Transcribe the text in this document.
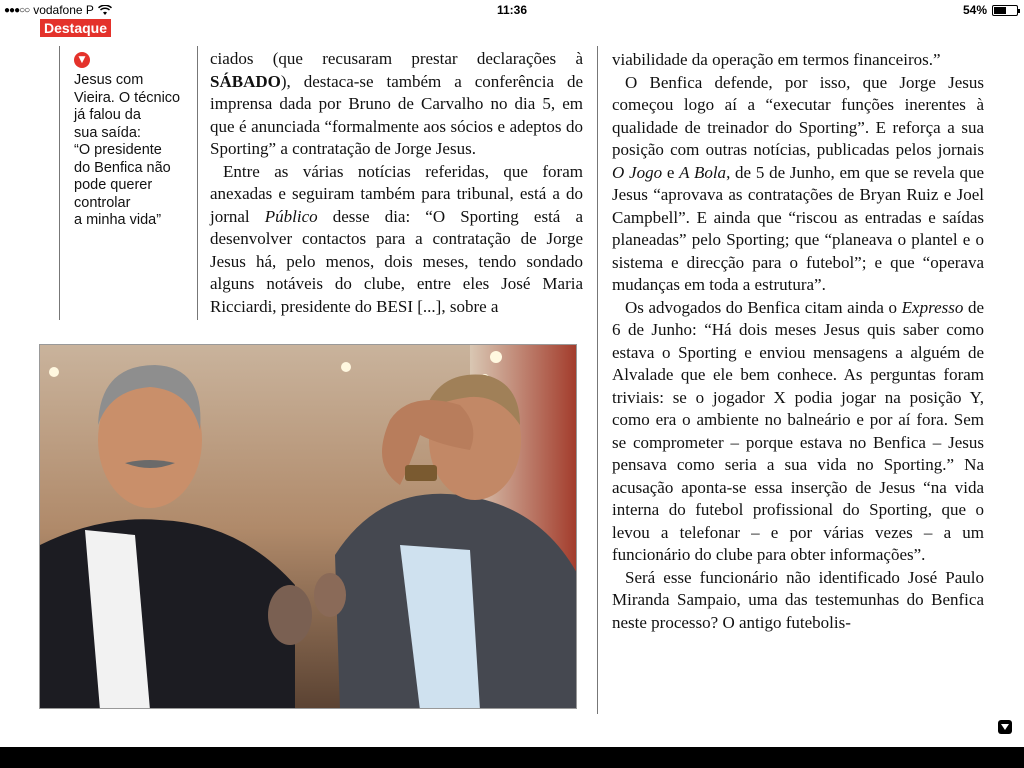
●●●○○ vodafone P	11:36	54%
Destaque
▼
Jesus com
Vieira. O técnico
já falou da
sua saída:
“O presidente
do Benfica não
pode querer
controlar
a minha vida”

ciados (que recusaram prestar declarações à SÁBADO), destaca-se também a conferência de imprensa dada por Bruno de Carvalho no dia 5, em que é anunciada “formalmente aos sócios e adeptos do Sporting” a contratação de Jorge Jesus.

Entre as várias notícias referidas, que foram anexadas e seguiram também para tribunal, está a do jornal Público desse dia: “O Sporting está a desenvolver contactos para a contratação de Jorge Jesus há, pelo menos, dois meses, tendo sondado alguns notáveis do clube, entre eles José Maria Ricciardi, presidente do BESI [...], sobre a

viabilidade da operação em termos financeiros.”

O Benfica defende, por isso, que Jorge Jesus começou logo aí a “executar funções inerentes à qualidade de treinador do Sporting”. E reforça a sua posição com outras notícias, publicadas pelos jornais O Jogo e A Bola, de 5 de Junho, em que se revela que Jesus “aprovava as contratações de Bryan Ruiz e Joel Campbell”. E ainda que “riscou as entradas e saídas planeadas” pelo Sporting; que “planeava o plantel e o sistema e direcção para o futebol”; e que “operava mudanças em toda a estrutura”.

Os advogados do Benfica citam ainda o Expresso de 6 de Junho: “Há dois meses Jesus quis saber como estava o Sporting e enviou mensagens a alguém de Alvalade que ele bem conhece. As perguntas foram triviais: se o jogador X podia jogar na posição Y, como era o ambiente no balneário e por aí fora. Sem se comprometer – porque estava no Benfica – Jesus pensava como seria a sua vida no Sporting.” Na acusação aponta-se essa inserção de Jesus “na vida interna do futebol profissional do Sporting, que o levou a telefonar – e por várias vezes – a um funcionário do clube para obter informações”.

Será esse funcionário não identificado José Paulo Miranda Sampaio, uma das testemunhas do Benfica neste processo? O antigo futebolis-
